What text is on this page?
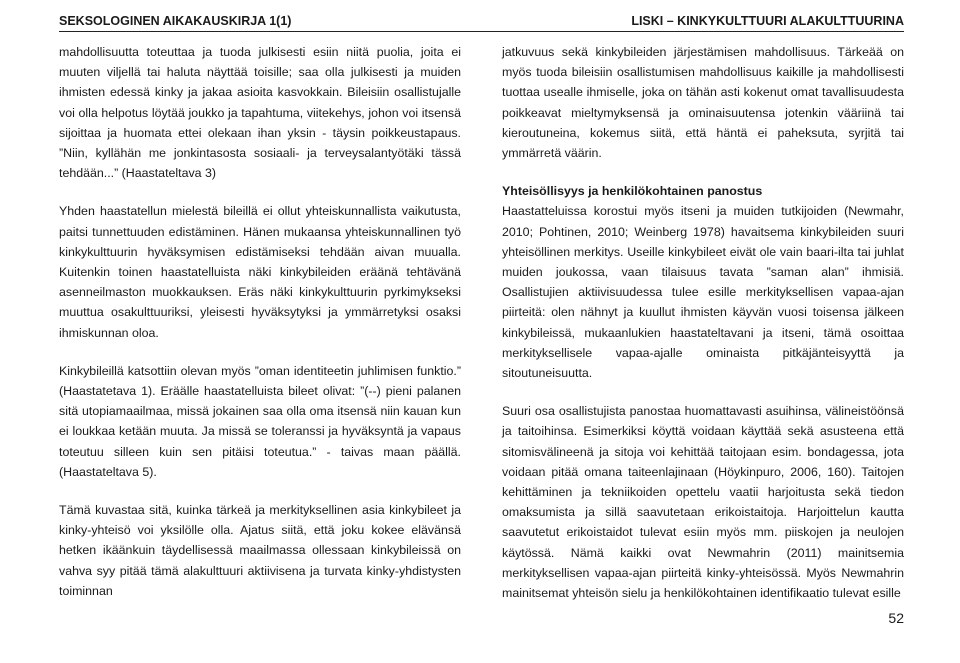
SEKSOLOGINEN AIKAKAUSKIRJA 1(1)	LISKI – KINKYKULTTUURI ALAKULTTUURINA

mahdollisuutta toteuttaa ja tuoda julkisesti esiin niitä puolia, joita ei muuten viljellä tai haluta näyttää toisille; saa olla julkisesti ja muiden ihmisten edessä kinky ja jakaa asioita kasvokkain. Bileisiin osallistujalle voi olla helpotus löytää joukko ja tapahtuma, viitekehys, johon voi itsensä sijoittaa ja huomata ettei olekaan ihan yksin - täysin poikkeustapaus. ”Niin, kyllähän me jonkintasosta sosiaali- ja terveysalantyötäki tässä tehdään...” (Haastateltava 3)

Yhden haastatellun mielestä bileillä ei ollut yhteiskunnallista vaikutusta, paitsi tunnettuuden edistäminen. Hänen mukaansa yhteiskunnallinen työ kinkykulttuurin hyväksymisen edistämiseksi tehdään aivan muualla. Kuitenkin toinen haastatelluista näki kinkybileiden eräänä tehtävänä asenneilmaston muokkauksen. Eräs näki kinkykulttuurin pyrkimykseksi muuttua osakulttuuriksi, yleisesti hyväksytyksi ja ymmärretyksi osaksi ihmiskunnan oloa.

Kinkybileillä katsottiin olevan myös ”oman identiteetin juhlimisen funktio.” (Haastatetava 1). Eräälle haastatelluista bileet olivat: ”(--) pieni palanen sitä utopiamaailmaa, missä jokainen saa olla oma itsensä niin kauan kun ei loukkaa ketään muuta. Ja missä se toleranssi ja hyväksyntä ja vapaus toteutuu silleen kuin sen pitäisi toteutua.” - taivas maan päällä. (Haastateltava 5).

Tämä kuvastaa sitä, kuinka tärkeä ja merkityksellinen asia kinkybileet ja kinky-yhteisö voi yksilölle olla. Ajatus siitä, että joku kokee elävänsä hetken ikäänkuin täydellisessä maailmassa ollessaan kinkybileissä on vahva syy pitää tämä alakulttuuri aktiivisena ja turvata kinky-yhdistysten toiminnan

jatkuvuus sekä kinkybileiden järjestämisen mahdollisuus. Tärkeää on myös tuoda bileisiin osallistumisen mahdollisuus kaikille ja mahdollisesti tuottaa usealle ihmiselle, joka on tähän asti kokenut omat tavallisuudesta poikkeavat mieltymyksensä ja ominaisuutensa jotenkin vääriinä tai kieroutuneina, kokemus siitä, että häntä ei paheksuta, syrjitä tai ymmärretä väärin.

Yhteisöllisyys ja henkilökohtainen panostus

Haastatteluissa korostui myös itseni ja muiden tutkijoiden (Newmahr, 2010; Pohtinen, 2010; Weinberg 1978) havaitsema kinkybileiden suuri yhteisöllinen merkitys. Useille kinkybileet eivät ole vain baari-ilta tai juhlat muiden joukossa, vaan tilaisuus tavata ”saman alan” ihmisiä. Osallistujien aktiivisuudessa tulee esille merkityksellisen vapaa-ajan piirteitä: olen nähnyt ja kuullut ihmisten käyvän vuosi toisensa jälkeen kinkybileissä, mukaanlukien haastateltavani ja itseni, tämä osoittaa merkityksellisele vapaa-ajalle ominaista pitkäjänteisyyttä ja sitoutuneisuutta.

Suuri osa osallistujista panostaa huomattavasti asuihinsa, välineistöönsä ja taitoihinsa. Esimerkiksi köyttä voidaan käyttää sekä asusteena että sitomisvälineenä ja sitoja voi kehittää taitojaan esim. bondagessa, jota voidaan pitää omana taiteenlajinaan (Höykinpuro, 2006, 160). Taitojen kehittäminen ja tekniikoiden opettelu vaatii harjoitusta sekä tiedon omaksumista ja sillä saavutetaan erikoistaitoja. Harjoittelun kautta saavutetut erikoistaidot tulevat esiin myös mm. piiskojen ja neulojen käytössä. Nämä kaikki ovat Newmahrin (2011) mainitsemia merkityksellisen vapaa-ajan piirteitä kinky-yhteisössä. Myös Newmahrin mainitsemat yhteisön sielu ja henkilökohtainen identifikaatio tulevat esille

52
